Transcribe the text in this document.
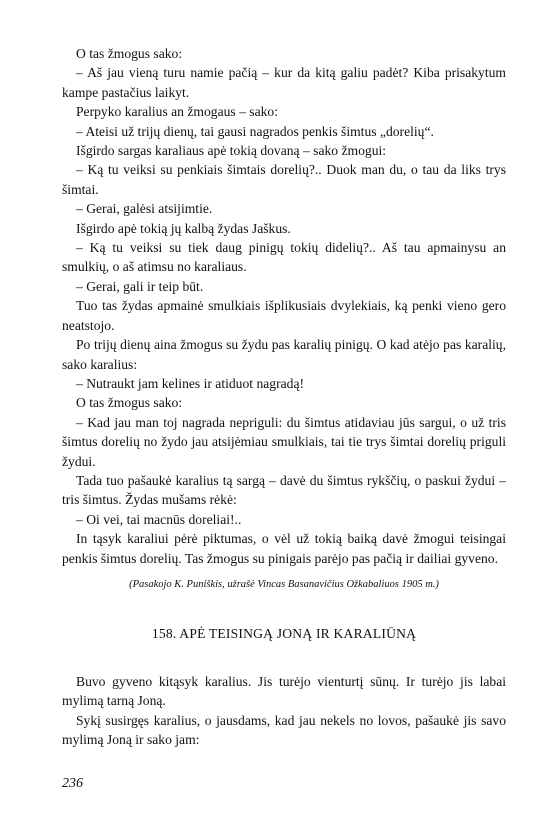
O tas žmogus sako:

– Aš jau vieną turu namie pačią – kur da kitą galiu padėt? Kiba prisakytum kampe pastačius laikyt.

Perpyko karalius an žmogaus – sako:

– Ateisi už trijų dienų, tai gausi nagrados penkis šimtus „dorelių“.

Išgirdo sargas karaliaus apė tokią dovaną – sako žmogui:

– Ką tu veiksi su penkiais šimtais dorelių?.. Duok man du, o tau da liks trys šimtai.

– Gerai, galėsi atsijimtie.

Išgirdo apė tokią jų kalbą žydas Jaškus.

– Ką tu veiksi su tiek daug pinigų tokių didelių?.. Aš tau apmainysu an smulkių, o aš atimsu no karaliaus.

– Gerai, gali ir teip būt.

Tuo tas žydas apmainė smulkiais išplikusiais dvylekiais, ką penki vieno gero neatstojo.

Po trijų dienų aina žmogus su žydu pas karalių pinigų. O kad atėjo pas karalių, sako karalius:

– Nutraukt jam kelines ir atiduot nagradą!

O tas žmogus sako:

– Kad jau man toj nagrada nepriguli: du šimtus atidaviau jūs sargui, o už tris šimtus dorelių no žydo jau atsijėmiau smulkiais, tai tie trys šimtai dorelių priguli žydui.

Tada tuo pašaukė karalius tą sargą – davė du šimtus rykščių, o paskui žydui – tris šimtus. Žydas mušams rėkė:

– Oi vei, tai macnūs doreliai!..

In tąsyk karaliui pėrė piktumas, o vėl už tokią baiką davė žmogui teisingai penkis šimtus dorelių. Tas žmogus su pinigais parėjo pas pačią ir dailiai gyveno.

(Pasakojo K. Puniškis, užrašė Vincas Basanavičius Ožkabaliuos 1905 m.)

158. APĖ TEISINGĄ JONĄ IR KARALIŪNĄ

Buvo gyveno kitąsyk karalius. Jis turėjo vienturtį sūnų. Ir turėjo jis labai mylimą tarną Joną.

Sykį susirgęs karalius, o jausdams, kad jau nekels no lovos, pašaukė jis savo mylimą Joną ir sako jam:

236
